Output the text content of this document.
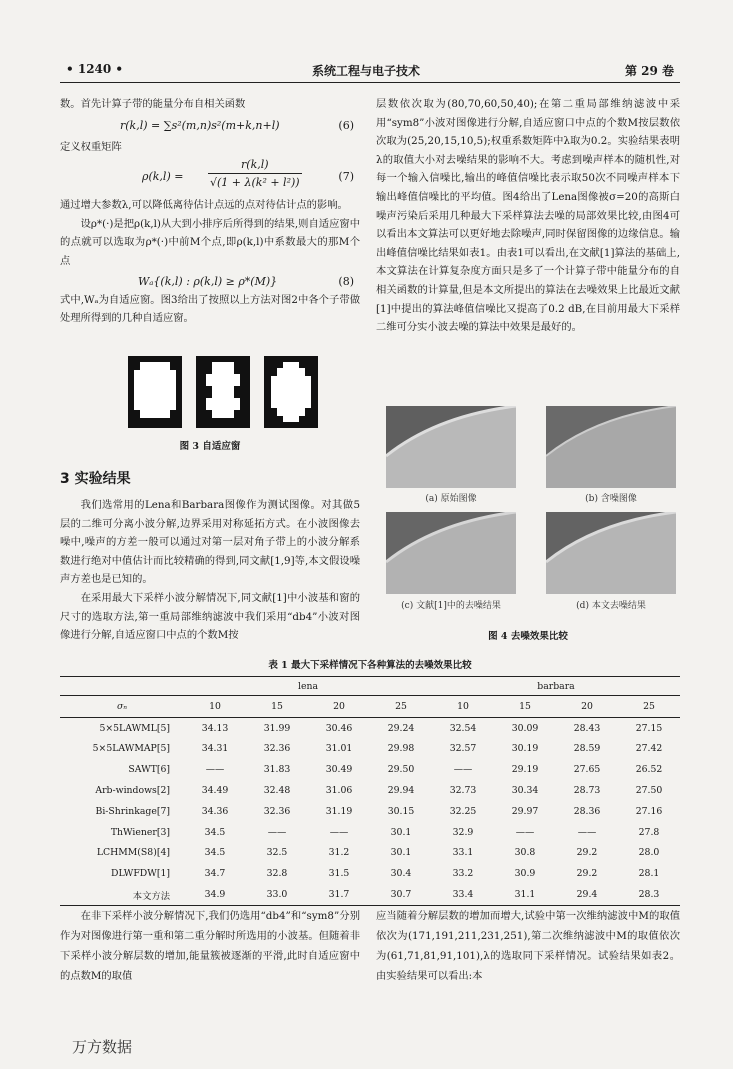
• 1240 •	系统工程与电子技术	第 29 卷

数。首先计算子带的能量分布自相关函数

r(k,l) = ∑s²(m,n)s²(m+k,n+l)	(6)

定义权重矩阵

$\rho(k,l) = \frac{r(k,l)}{\text{√(1 + λ(k² + l²))}}$	(7)

通过增大参数λ,可以降低离待估计点远的点对待估计点的影响。

设ρ*(·)是把ρ(k,l)从大到小排序后所得到的结果,则自适应窗中的点就可以选取为ρ*(·)中前M个点,即ρ(k,l)中系数最大的那M个点

Wₐ{(k,l) : ρ(k,l) ≥ ρ*(M)}	(8)

式中,Wₐ为自适应窗。图3给出了按照以上方法对图2中各个子带做处理所得到的几种自适应窗。

图 3 自适应窗
3 实验结果

我们选常用的Lena和Barbara图像作为测试图像。对其做5层的二维可分离小波分解,边界采用对称延拓方式。在小波图像去噪中,噪声的方差一般可以通过对第一层对角子带上的小波分解系数进行绝对中值估计而比较精确的得到,同文献[1,9]等,本文假设噪声方差也是已知的。

在采用最大下采样小波分解情况下,同文献[1]中小波基和窗的尺寸的选取方法,第一重局部维纳滤波中我们采用“db4”小波对图像进行分解,自适应窗口中点的个数M按

层数依次取为(80,70,60,50,40);在第二重局部维纳滤波中采用“sym8”小波对图像进行分解,自适应窗口中点的个数M按层数依次取为(25,20,15,10,5);权重系数矩阵中λ取为0.2。实验结果表明λ的取值大小对去噪结果的影响不大。考虑到噪声样本的随机性,对每一个输入信噪比,输出的峰值信噪比表示取50次不同噪声样本下输出峰值信噪比的平均值。图4给出了Lena图像被σ=20的高斯白噪声污染后采用几种最大下采样算法去噪的局部效果比较,由图4可以看出本文算法可以更好地去除噪声,同时保留图像的边缘信息。输出峰值信噪比结果如表1。由表1可以看出,在文献[1]算法的基础上,本文算法在计算复杂度方面只是多了一个计算子带中能量分布的自相关函数的计算量,但是本文所提出的算法在去噪效果上比最近文献[1]中提出的算法峰值信噪比又提高了0.2 dB,在目前用最大下采样二维可分实小波去噪的算法中效果是最好的。

(a) 原始图像	(b) 含噪图像
(c) 文献[1]中的去噪结果	(d) 本文去噪结果
图 4 去噪效果比较
表 1 最大下采样情况下各种算法的去噪效果比较
	lena				barbara			
σₙ	10	15	20	25	10	15	20	25
5×5LAWML[5]	34.13	31.99	30.46	29.24	32.54	30.09	28.43	27.15
5×5LAWMAP[5]	34.31	32.36	31.01	29.98	32.57	30.19	28.59	27.42
SAWT[6]	——	31.83	30.49	29.50	——	29.19	27.65	26.52
Arb-windows[2]	34.49	32.48	31.06	29.94	32.73	30.34	28.73	27.50
Bi-Shrinkage[7]	34.36	32.36	31.19	30.15	32.25	29.97	28.36	27.16
ThWiener[3]	34.5	——	——	30.1	32.9	——	——	27.8
LCHMM(S8)[4]	34.5	32.5	31.2	30.1	33.1	30.8	29.2	28.0
DLWFDW[1]	34.7	32.8	31.5	30.4	33.2	30.9	29.2	28.1
本文方法	34.9	33.0	31.7	30.7	33.4	31.1	29.4	28.3

在非下采样小波分解情况下,我们仍选用“db4”和“sym8”分别作为对图像进行第一重和第二重分解时所选用的小波基。但随着非下采样小波分解层数的增加,能量簇被逐渐的平滑,此时自适应窗中的点数M的取值

应当随着分解层数的增加而增大,试验中第一次维纳滤波中M的取值依次为(171,191,211,231,251),第二次维纳滤波中M的取值依次为(61,71,81,91,101),λ的选取同下采样情况。试验结果如表2。由实验结果可以看出:本

万方数据
